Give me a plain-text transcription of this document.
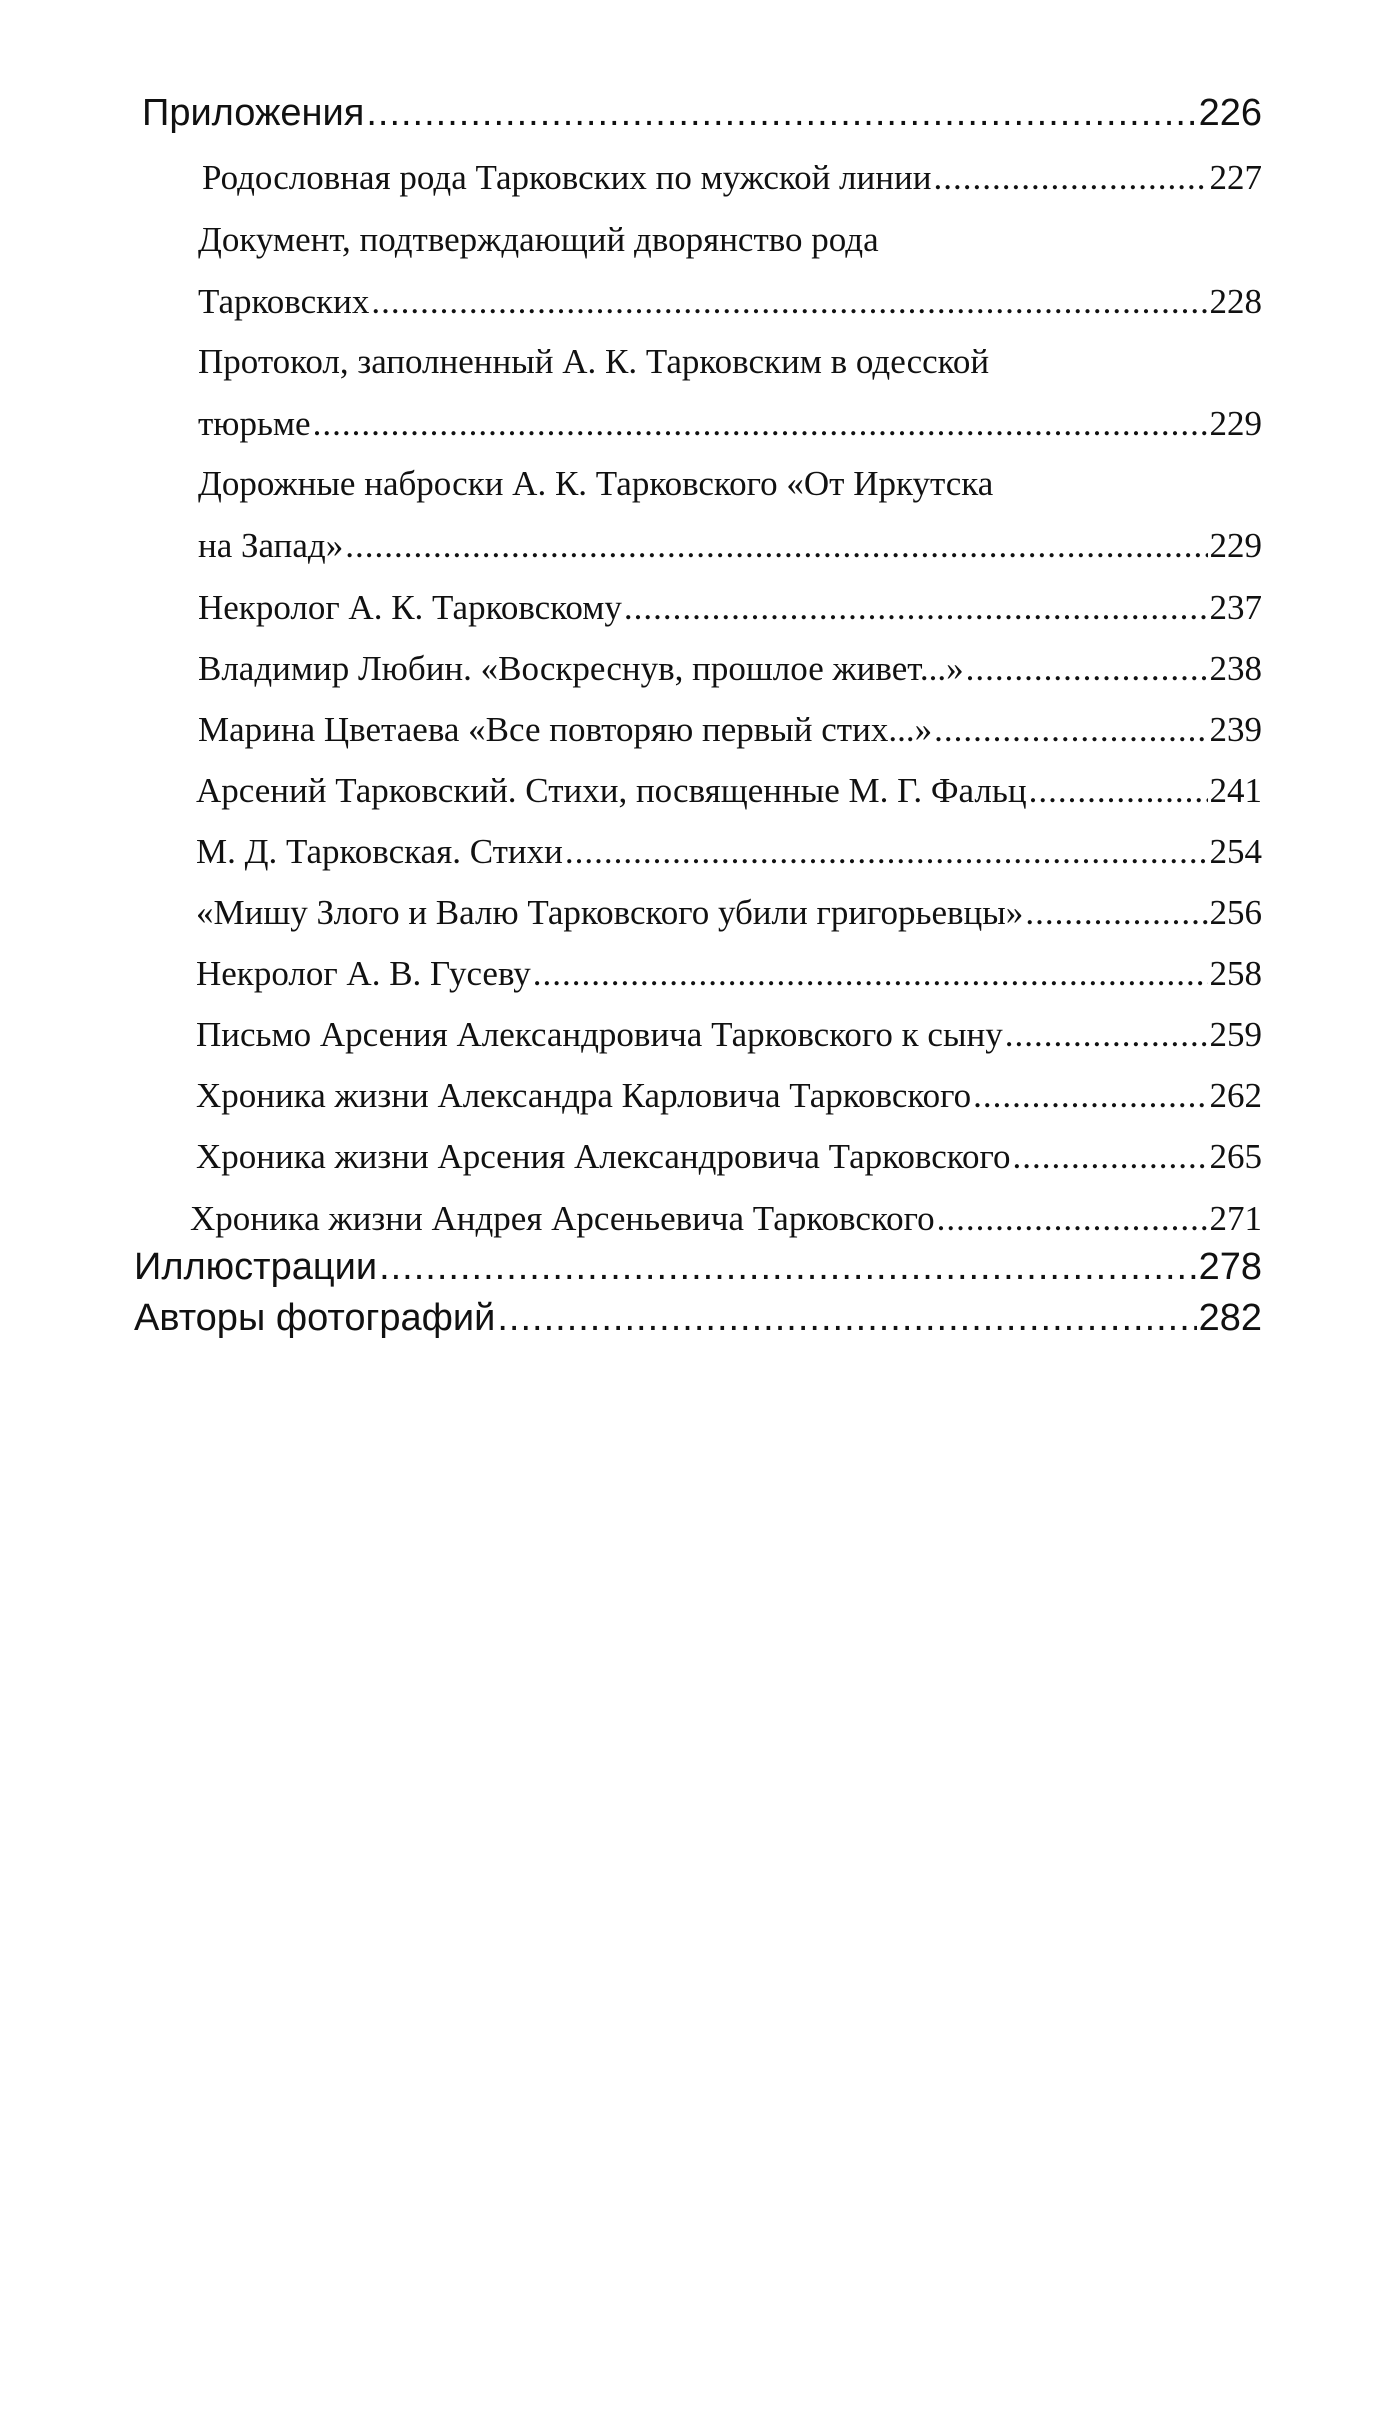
Приложения .....	226
Родословная рода Тарковских по мужской линии .....	227
Документ, подтверждающий дворянство рода
Тарковских .....	228
Протокол, заполненный А. К. Тарковским в одесской
тюрьме .....	229
Дорожные наброски А. К. Тарковского «От Иркутска
на Запад» .....	229
Некролог А. К. Тарковскому .....	237
Владимир Любин. «Воскреснув, прошлое живет...» .....	238
Марина Цветаева «Все повторяю первый стих...» .....	239
Арсений Тарковский. Стихи, посвященные М. Г. Фальц .....	241
М. Д. Тарковская. Стихи .....	254
«Мишу Злого и Валю Тарковского убили григорьевцы» .....	256
Некролог А. В. Гусеву .....	258
Письмо Арсения Александровича Тарковского к сыну .....	259
Хроника жизни Александра Карловича Тарковского .....	262
Хроника жизни Арсения Александровича Тарковского .....	265
Хроника жизни Андрея Арсеньевича Тарковского .....	271
Иллюстрации .....	278
Авторы фотографий .....	282
